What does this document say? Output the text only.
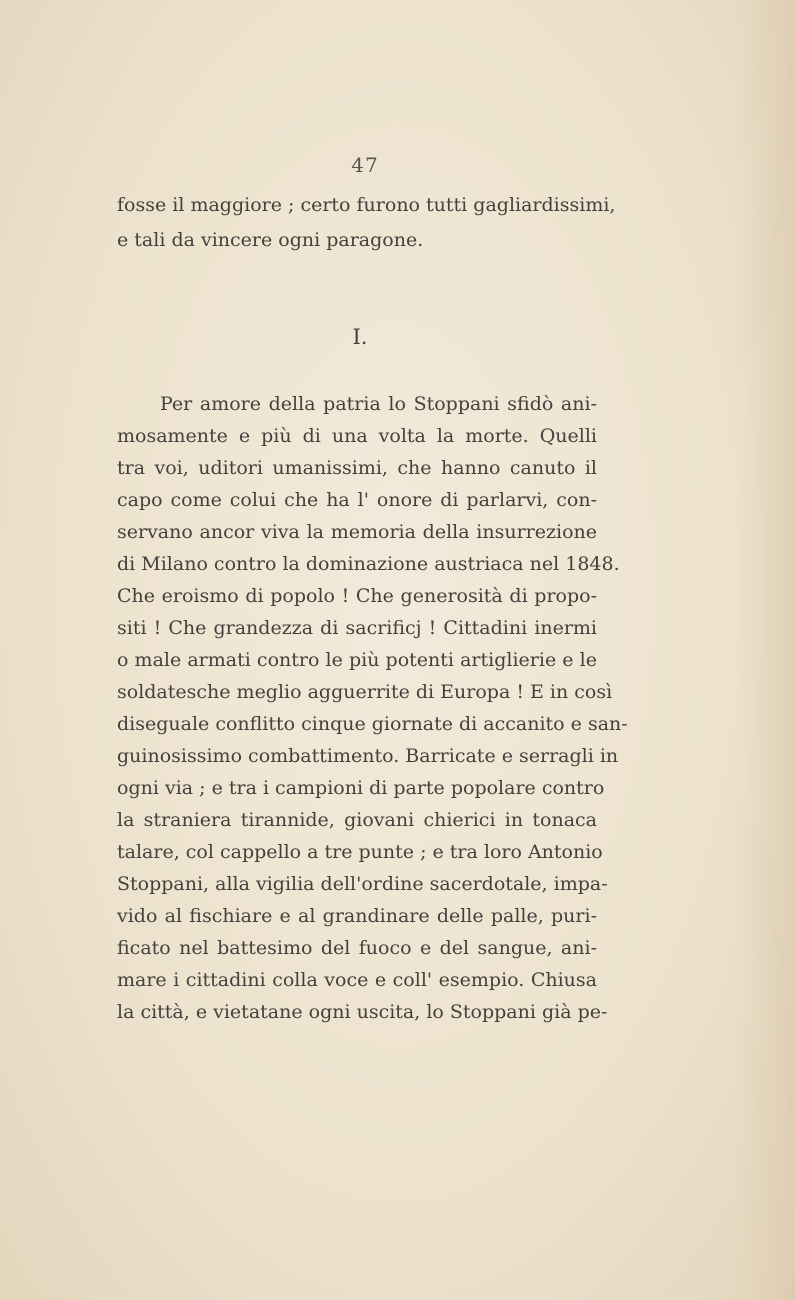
47
fosse il maggiore ; certo furono tutti gagliardissimi,
e tali da vincere ogni paragone.
I.
Per amore della patria lo Stoppani sfidò ani-
mosamente e più di una volta la morte. Quelli
tra voi, uditori umanissimi, che hanno canuto il
capo come colui che ha l' onore di parlarvi, con-
servano ancor viva la memoria della insurrezione
di Milano contro la dominazione austriaca nel 1848.
Che eroismo di popolo ! Che generosità di propo-
siti ! Che grandezza di sacrificj ! Cittadini inermi
o male armati contro le più potenti artiglierie e le
soldatesche meglio agguerrite di Europa ! E in così
diseguale conflitto cinque giornate di accanito e san-
guinosissimo combattimento. Barricate e serragli in
ogni via ; e tra i campioni di parte popolare contro
la straniera tirannide, giovani chierici in tonaca
talare, col cappello a tre punte ; e tra loro Antonio
Stoppani, alla vigilia dell'ordine sacerdotale, impa-
vido al fischiare e al grandinare delle palle, puri-
ficato nel battesimo del fuoco e del sangue, ani-
mare i cittadini colla voce e coll' esempio. Chiusa
la città, e vietatane ogni uscita, lo Stoppani già pe-
